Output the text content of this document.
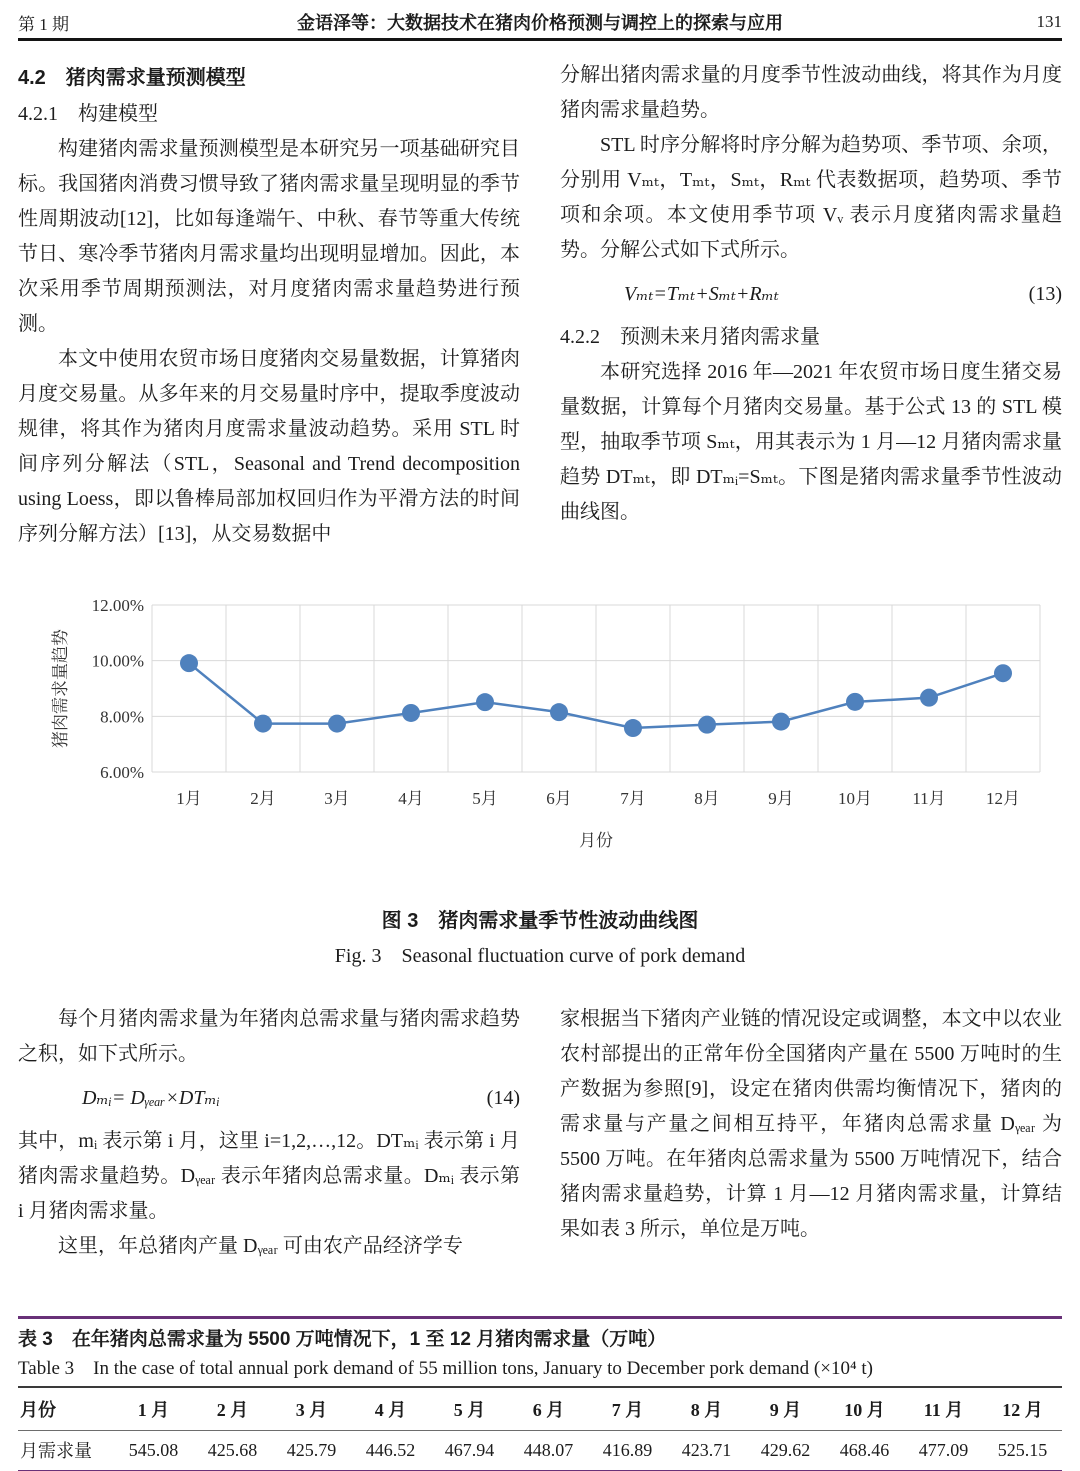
第 1 期	金语泽等：大数据技术在猪肉价格预测与调控上的探索与应用	131
4.2　猪肉需求量预测模型
4.2.1　构建模型

构建猪肉需求量预测模型是本研究另一项基础研究目标。我国猪肉消费习惯导致了猪肉需求量呈现明显的季节性周期波动[12]，比如每逢端午、中秋、春节等重大传统节日、寒冷季节猪肉月需求量均出现明显增加。因此，本次采用季节周期预测法，对月度猪肉需求量趋势进行预测。

本文中使用农贸市场日度猪肉交易量数据，计算猪肉月度交易量。从多年来的月交易量时序中，提取季度波动规律，将其作为猪肉月度需求量波动趋势。采用 STL 时间序列分解法（STL，Seasonal and Trend decomposition using Loess，即以鲁棒局部加权回归作为平滑方法的时间序列分解方法）[13]，从交易数据中

分解出猪肉需求量的月度季节性波动曲线，将其作为月度猪肉需求量趋势。

STL 时序分解将时序分解为趋势项、季节项、余项，分别用 Vₘₜ，Tₘₜ，Sₘₜ，Rₘₜ 代表数据项，趋势项、季节项和余项。本文使用季节项 Vᵥ 表示月度猪肉需求量趋势。分解公式如下式所示。

Vₘₜ=Tₘₜ+Sₘₜ+Rₘₜ	(13)
4.2.2　预测未来月猪肉需求量

本研究选择 2016 年—2021 年农贸市场日度生猪交易量数据，计算每个月猪肉交易量。基于公式 13 的 STL 模型，抽取季节项 Sₘₜ，用其表示为 1 月—12 月猪肉需求量趋势 DTₘₜ，即 DTₘᵢ=Sₘₜ。下图是猪肉需求量季节性波动曲线图。

6.00%
8.00%
10.00%
12.00%
1月	2月	3月	4月	5月	6月	7月	8月	9月	10月 11月 12月
猪肉需求量趋势
月份
图 3　猪肉需求量季节性波动曲线图
Fig. 3　Seasonal fluctuation curve of pork demand

每个月猪肉需求量为年猪肉总需求量与猪肉需求趋势之积，如下式所示。

Dₘᵢ= Dᵧₑₐᵣ×DTₘᵢ	(14)

其中，mᵢ 表示第 i 月，这里 i=1,2,…,12。DTₘᵢ 表示第 i 月猪肉需求量趋势。Dᵧₑₐᵣ 表示年猪肉总需求量。Dₘᵢ 表示第 i 月猪肉需求量。

这里，年总猪肉产量 Dᵧₑₐᵣ 可由农产品经济学专

家根据当下猪肉产业链的情况设定或调整，本文中以农业农村部提出的正常年份全国猪肉产量在 5500 万吨时的生产数据为参照[9]，设定在猪肉供需均衡情况下，猪肉的需求量与产量之间相互持平，年猪肉总需求量 Dᵧₑₐᵣ 为 5500 万吨。在年猪肉总需求量为 5500 万吨情况下，结合猪肉需求量趋势，计算 1 月—12 月猪肉需求量，计算结果如表 3 所示，单位是万吨。

表 3　在年猪肉总需求量为 5500 万吨情况下，1 至 12 月猪肉需求量（万吨）
Table 3　In the case of total annual pork demand of 55 million tons, January to December pork demand (×10⁴ t)
月份	1 月	2 月	3 月	4 月	5 月	6 月	7 月	8 月	9 月	10 月	11 月	12 月
月需求量	545.08	425.68	425.79	446.52	467.94	448.07	416.89	423.71	429.62	468.46	477.09	525.15
